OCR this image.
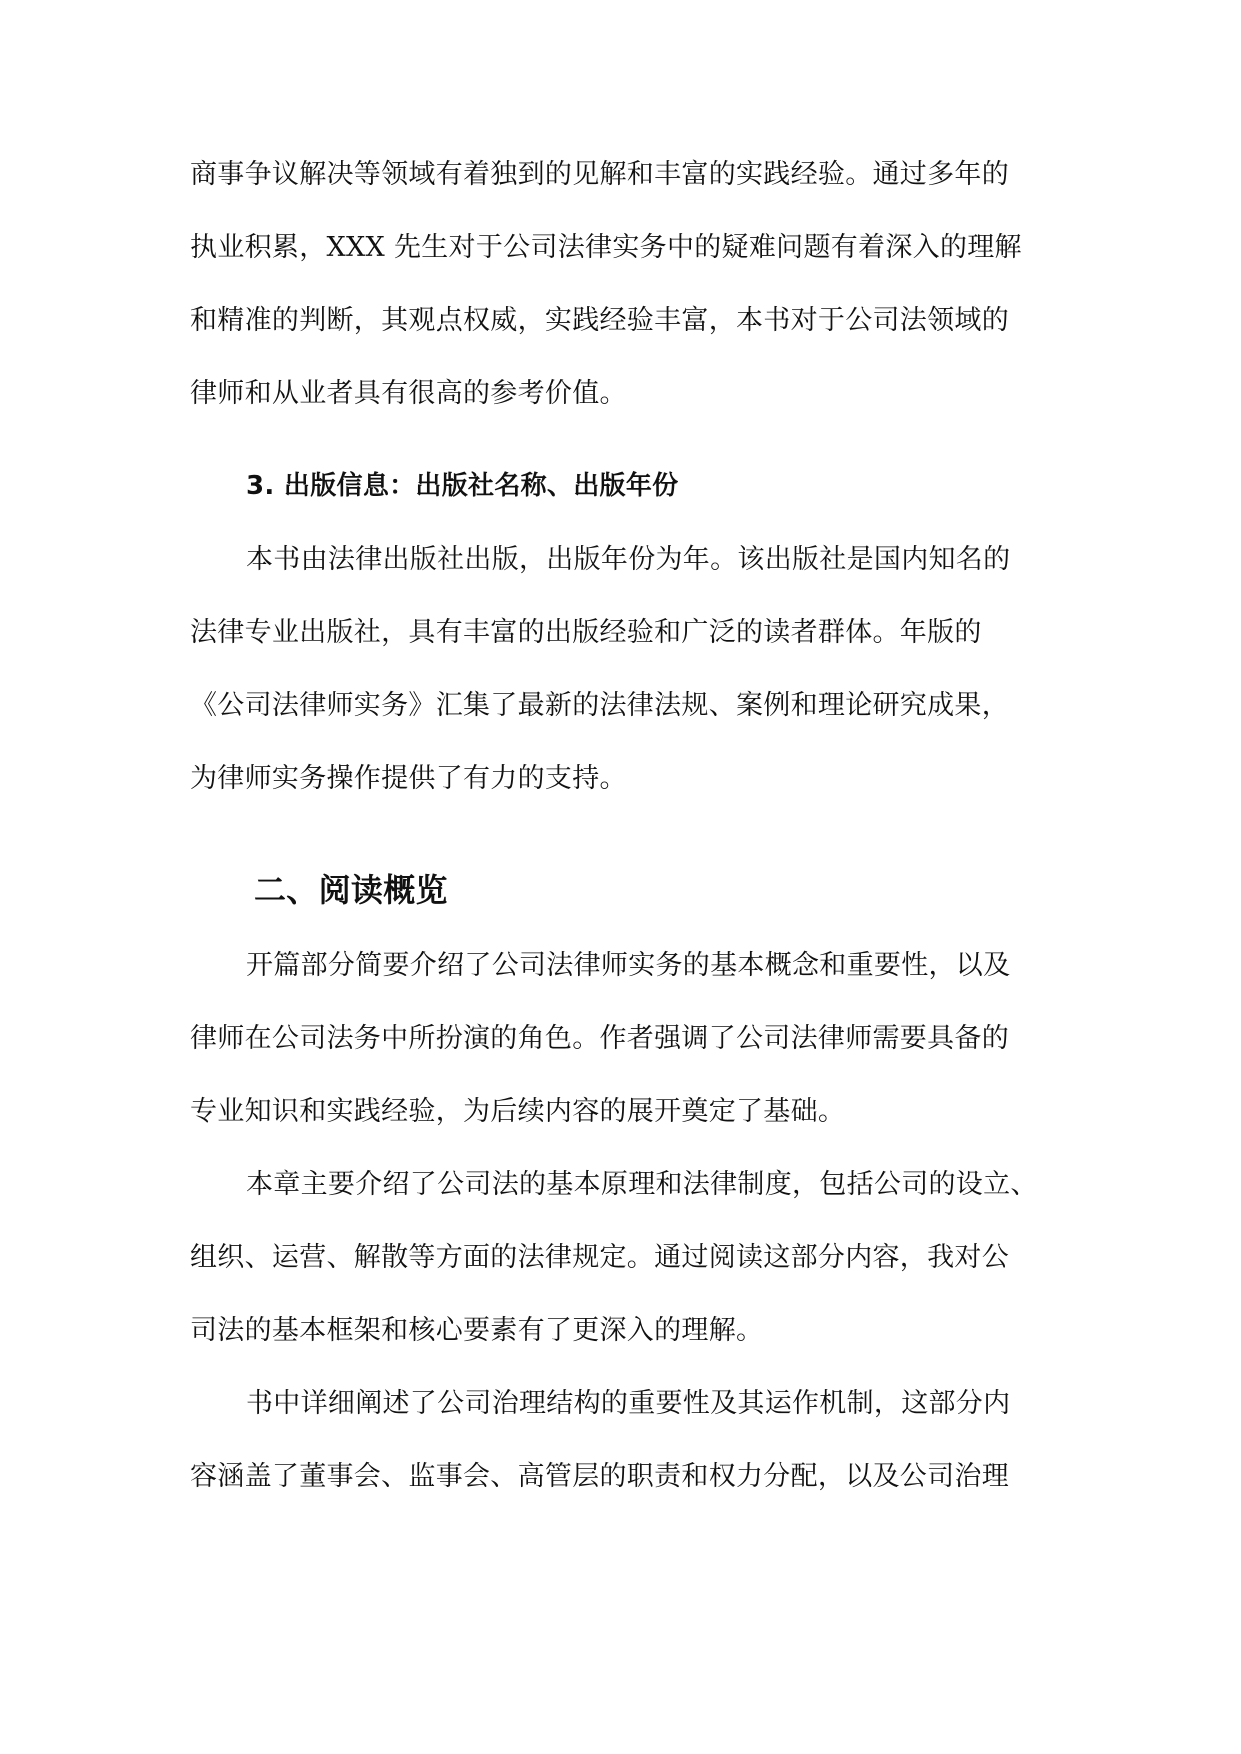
商事争议解决等领域有着独到的见解和丰富的实践经验。通过多年的
执业积累，XXX 先生对于公司法律实务中的疑难问题有着深入的理解
和精准的判断，其观点权威，实践经验丰富，本书对于公司法领域的
律师和从业者具有很高的参考价值。

3. 出版信息：出版社名称、出版年份

本书由法律出版社出版，出版年份为年。该出版社是国内知名的
法律专业出版社，具有丰富的出版经验和广泛的读者群体。年版的
《公司法律师实务》汇集了最新的法律法规、案例和理论研究成果，
为律师实务操作提供了有力的支持。

二、阅读概览

开篇部分简要介绍了公司法律师实务的基本概念和重要性，以及
律师在公司法务中所扮演的角色。作者强调了公司法律师需要具备的
专业知识和实践经验，为后续内容的展开奠定了基础。

本章主要介绍了公司法的基本原理和法律制度，包括公司的设立、
组织、运营、解散等方面的法律规定。通过阅读这部分内容，我对公
司法的基本框架和核心要素有了更深入的理解。

书中详细阐述了公司治理结构的重要性及其运作机制，这部分内
容涵盖了董事会、监事会、高管层的职责和权力分配，以及公司治理
